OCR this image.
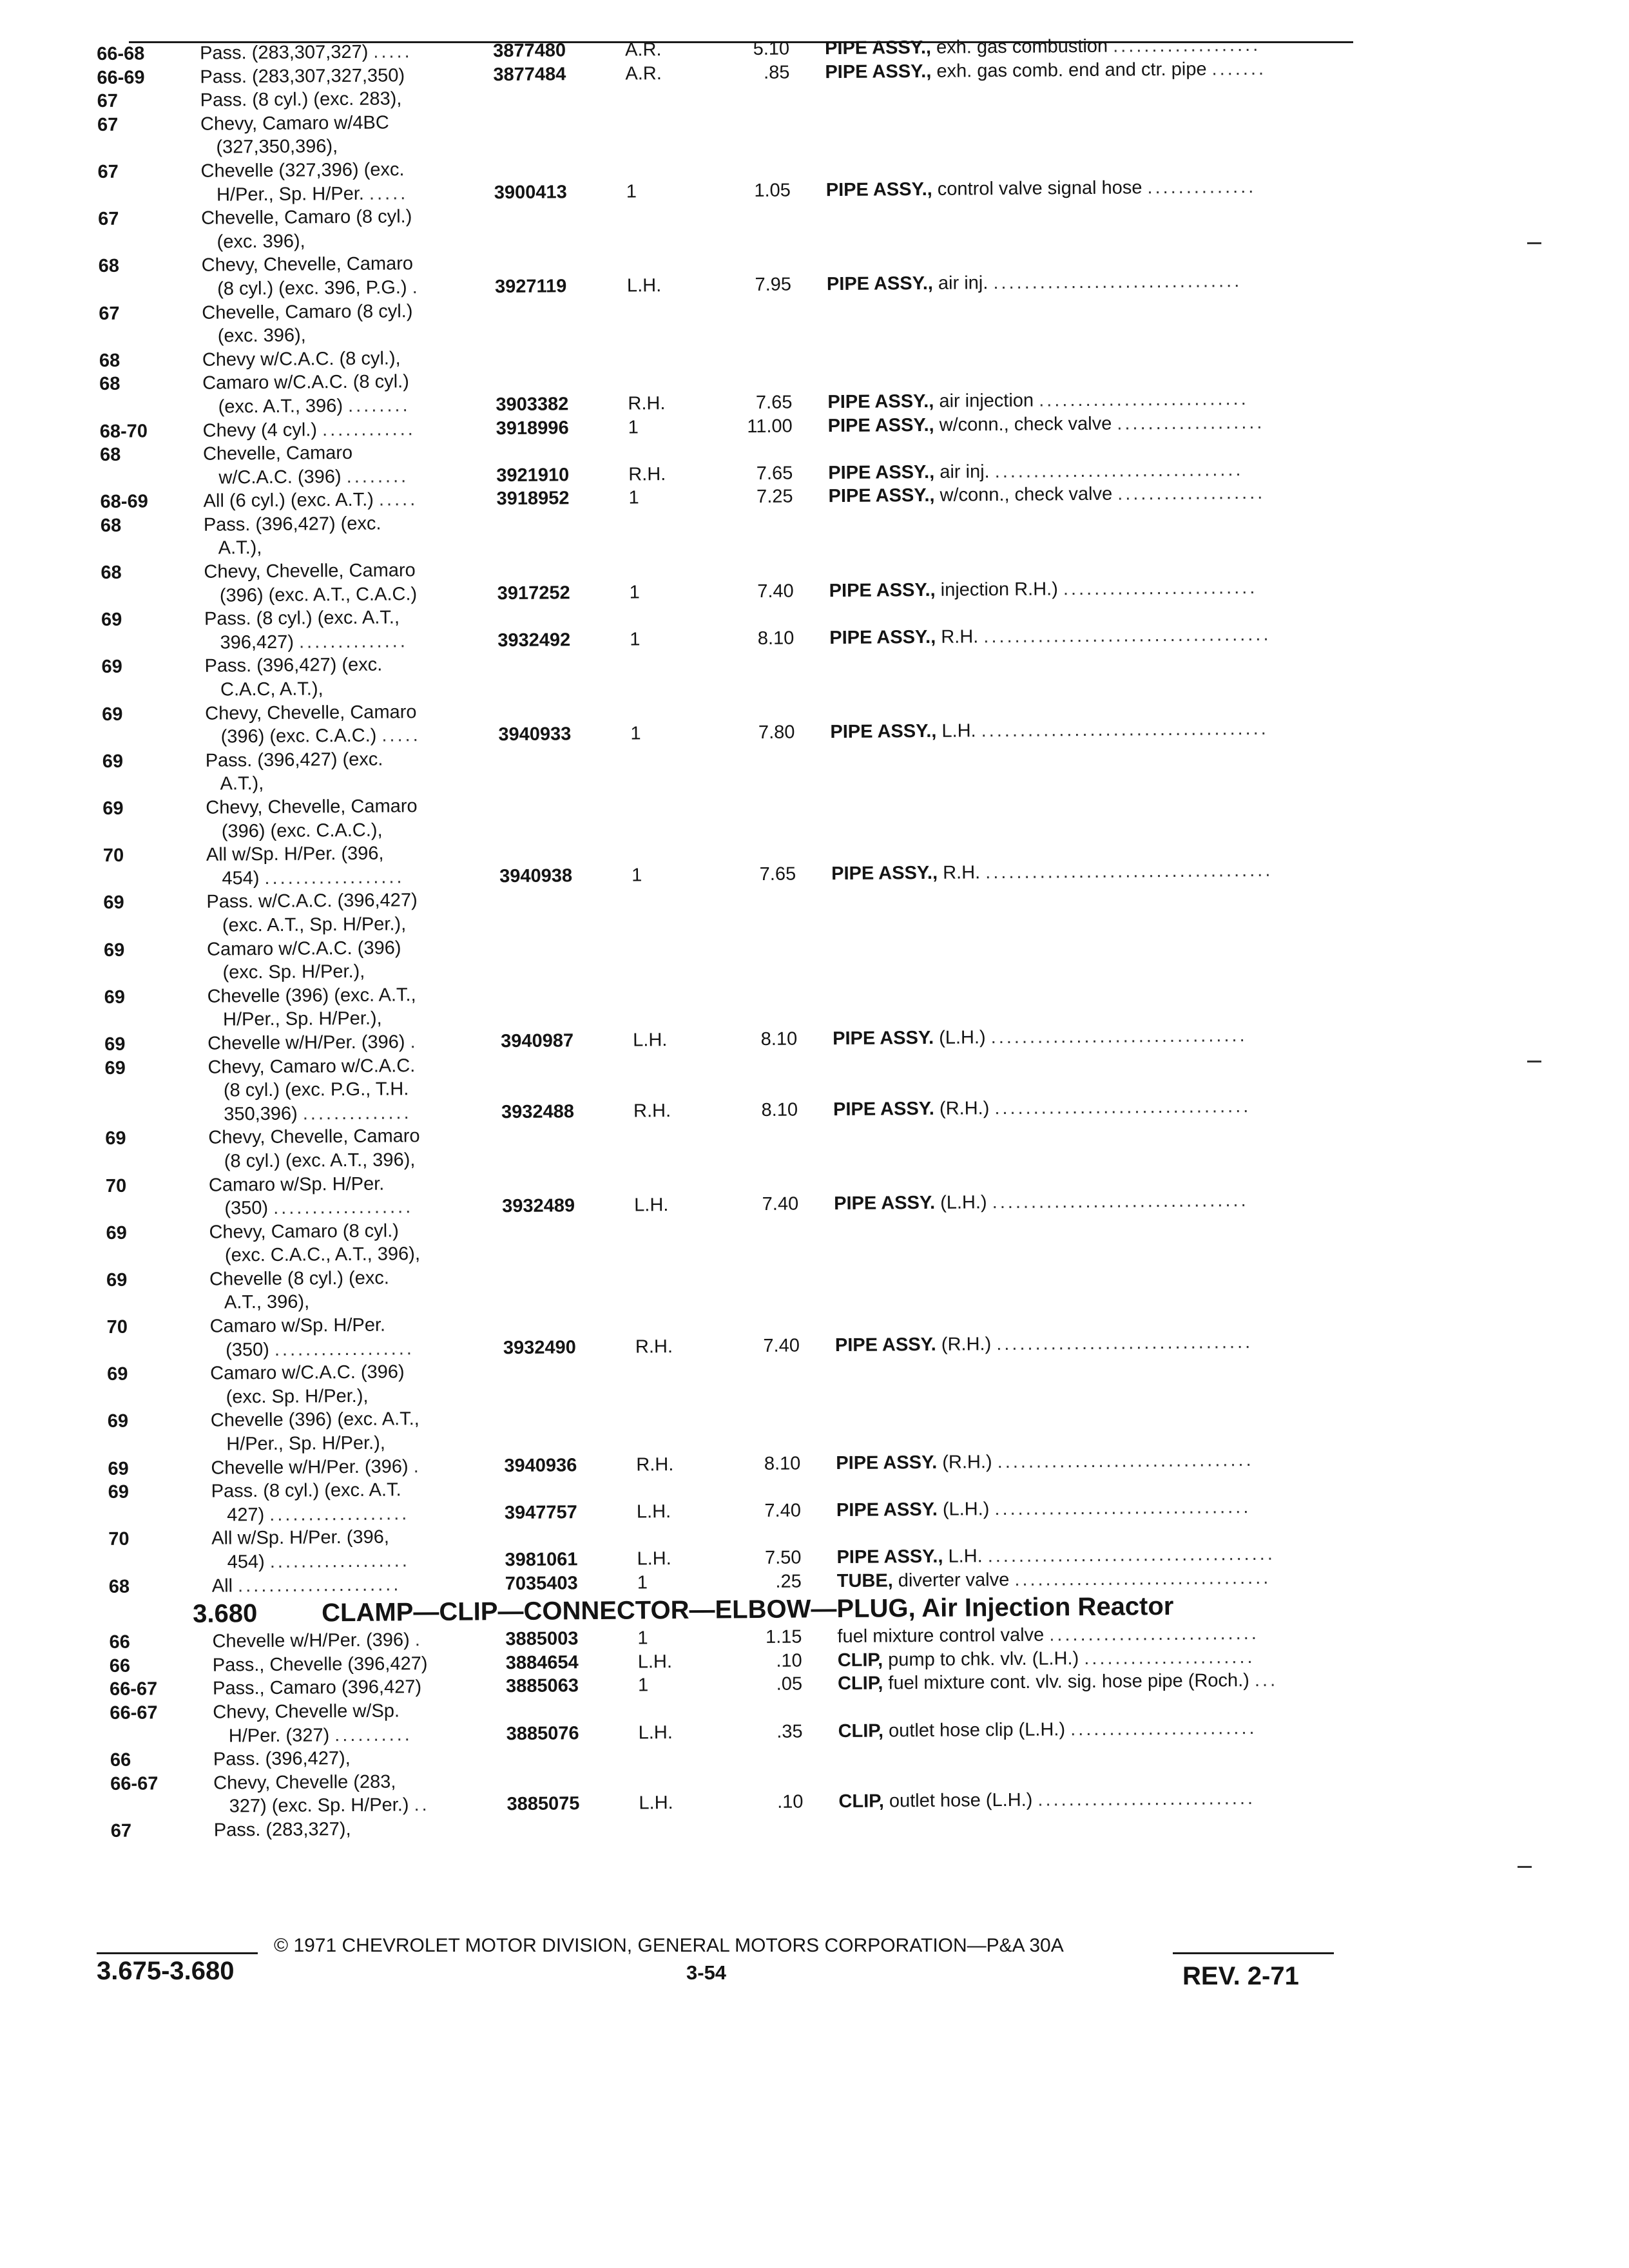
66-68	Pass. (283,307,327) .....	3877480	A.R.	5.10 PIPE ASSY., exh. gas combustion ...................
66-69	Pass. (283,307,327,350)	3877484	A.R.	.85 PIPE ASSY., exh. gas comb. end and ctr. pipe .......
67	Pass. (8 cyl.) (exc. 283),
67	Chevy, Camaro w/4BC
(327,350,396),
67	Chevelle (327,396) (exc.
H/Per., Sp. H/Per. .....	3900413	1	1.05 PIPE ASSY., control valve signal hose ..............
67	Chevelle, Camaro (8 cyl.)
(exc. 396),
68	Chevy, Chevelle, Camaro
(8 cyl.) (exc. 396, P.G.) .	3927119	L.H.	7.95 PIPE ASSY., air inj. ................................
67	Chevelle, Camaro (8 cyl.)
(exc. 396),
68	Chevy w/C.A.C. (8 cyl.),
68	Camaro w/C.A.C. (8 cyl.)
(exc. A.T., 396) ........	3903382	R.H.	7.65 PIPE ASSY., air injection ...........................
68-70	Chevy (4 cyl.) ............	3918996	1	11.00 PIPE ASSY., w/conn., check valve ...................
68	Chevelle, Camaro
w/C.A.C. (396) ........	3921910	R.H.	7.65 PIPE ASSY., air inj. ................................
68-69	All (6 cyl.) (exc. A.T.) .....	3918952	1	7.25 PIPE ASSY., w/conn., check valve ...................
68	Pass. (396,427) (exc.
A.T.),
68	Chevy, Chevelle, Camaro
(396) (exc. A.T., C.A.C.)	3917252	1	7.40 PIPE ASSY., injection R.H.) .........................
69	Pass. (8 cyl.) (exc. A.T.,
396,427) ..............	3932492	1	8.10 PIPE ASSY., R.H. .....................................
69	Pass. (396,427) (exc.
C.A.C, A.T.),
69	Chevy, Chevelle, Camaro
(396) (exc. C.A.C.) .....	3940933	1	7.80 PIPE ASSY., L.H. .....................................
69	Pass. (396,427) (exc.
A.T.),
69	Chevy, Chevelle, Camaro
(396) (exc. C.A.C.),
70	All w/Sp. H/Per. (396,
454) ..................	3940938	1	7.65 PIPE ASSY., R.H. .....................................
69	Pass. w/C.A.C. (396,427)
(exc. A.T., Sp. H/Per.),
69	Camaro w/C.A.C. (396)
(exc. Sp. H/Per.),
69	Chevelle (396) (exc. A.T.,
H/Per., Sp. H/Per.),
69	Chevelle w/H/Per. (396) .	3940987	L.H.	8.10 PIPE ASSY. (L.H.) .................................
69	Chevy, Camaro w/C.A.C.
(8 cyl.) (exc. P.G., T.H.
350,396) ..............	3932488	R.H.	8.10 PIPE ASSY. (R.H.) .................................
69	Chevy, Chevelle, Camaro
(8 cyl.) (exc. A.T., 396),
70	Camaro w/Sp. H/Per.
(350) ..................	3932489	L.H.	7.40 PIPE ASSY. (L.H.) .................................
69	Chevy, Camaro (8 cyl.)
(exc. C.A.C., A.T., 396),
69	Chevelle (8 cyl.) (exc.
A.T., 396),
70	Camaro w/Sp. H/Per.
(350) ..................	3932490	R.H.	7.40 PIPE ASSY. (R.H.) .................................
69	Camaro w/C.A.C. (396)
(exc. Sp. H/Per.),
69	Chevelle (396) (exc. A.T.,
H/Per., Sp. H/Per.),
69	Chevelle w/H/Per. (396) .	3940936	R.H.	8.10 PIPE ASSY. (R.H.) .................................
69	Pass. (8 cyl.) (exc. A.T.
427) ..................	3947757	L.H.	7.40 PIPE ASSY. (L.H.) .................................
70	All w/Sp. H/Per. (396,
454) ..................	3981061	L.H.	7.50 PIPE ASSY., L.H. .....................................
68	All .....................	7035403	1	.25 TUBE, diverter valve .................................
3.680 CLAMP—CLIP—CONNECTOR—ELBOW—PLUG, Air Injection Reactor
66	Chevelle w/H/Per. (396) .	3885003	1	1.15 fuel mixture control valve ...........................
66	Pass., Chevelle (396,427)	3884654	L.H.	.10 CLIP, pump to chk. vlv. (L.H.) ......................
66-67	Pass., Camaro (396,427)	3885063	1	.05 CLIP, fuel mixture cont. vlv. sig. hose pipe (Roch.) ...
66-67	Chevy, Chevelle w/Sp.
H/Per. (327) ..........	3885076	L.H.	.35 CLIP, outlet hose clip (L.H.) ........................
66	Pass. (396,427),
66-67	Chevy, Chevelle (283,
327) (exc. Sp. H/Per.) ..	3885075	L.H.	.10 CLIP, outlet hose (L.H.) ............................
67	Pass. (283,327),
© 1971 CHEVROLET MOTOR DIVISION, GENERAL MOTORS CORPORATION—P&A 30A
3.675-3.680	3-54	REV. 2-71
